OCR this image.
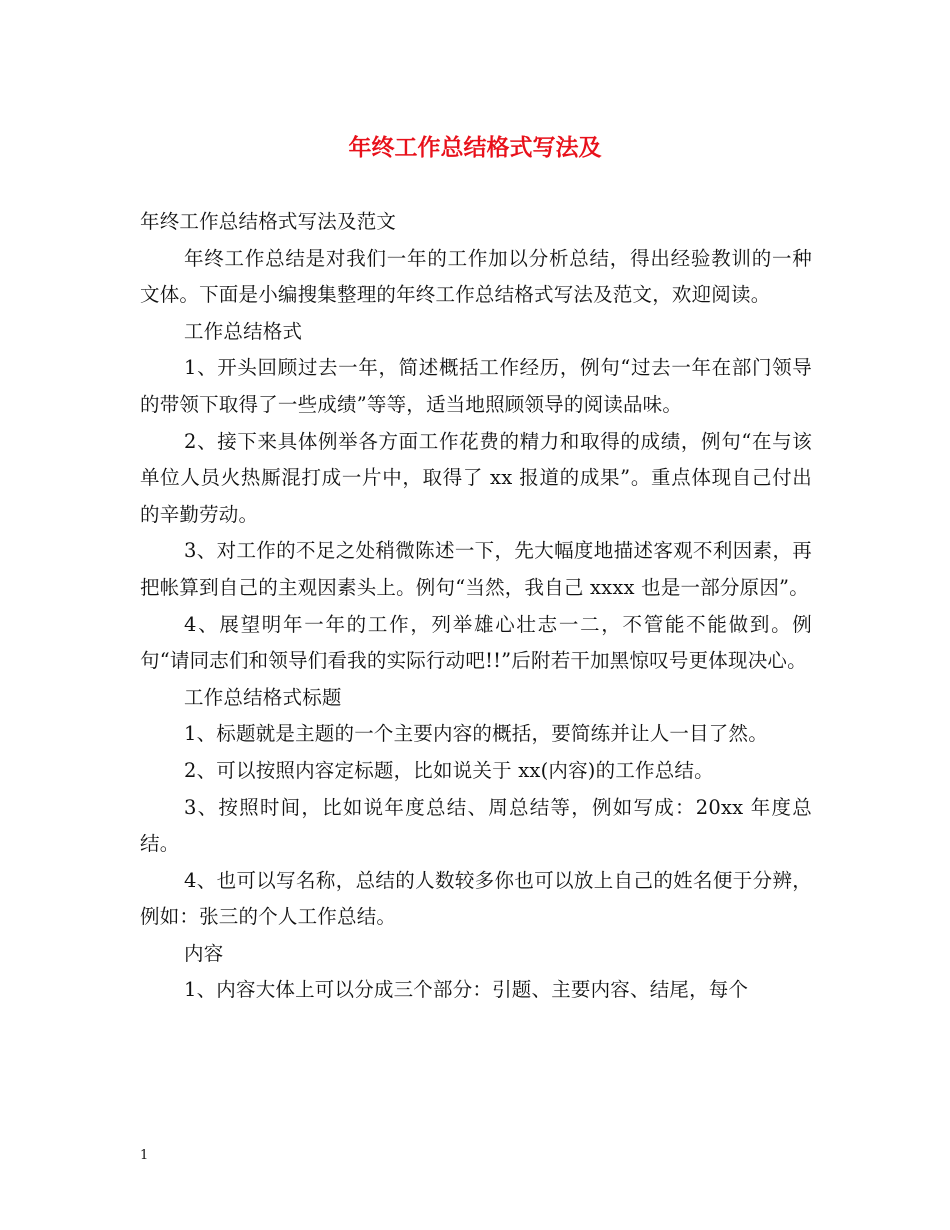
年终工作总结格式写法及

年终工作总结格式写法及范文

年终工作总结是对我们一年的工作加以分析总结，得出经验教训的一种文体。下面是小编搜集整理的年终工作总结格式写法及范文，欢迎阅读。

工作总结格式

1、开头回顾过去一年，简述概括工作经历，例句“过去一年在部门领导的带领下取得了一些成绩”等等，适当地照顾领导的阅读品味。

2、接下来具体例举各方面工作花费的精力和取得的成绩，例句“在与该单位人员火热厮混打成一片中，取得了 xx 报道的成果”。重点体现自己付出的辛勤劳动。

3、对工作的不足之处稍微陈述一下，先大幅度地描述客观不利因素，再把帐算到自己的主观因素头上。例句“当然，我自己 xxxx 也是一部分原因”。

4、展望明年一年的工作，列举雄心壮志一二，不管能不能做到。例句“请同志们和领导们看我的实际行动吧!!”后附若干加黑惊叹号更体现决心。

工作总结格式标题

1、标题就是主题的一个主要内容的概括，要简练并让人一目了然。

2、可以按照内容定标题，比如说关于 xx(内容)的工作总结。

3、按照时间，比如说年度总结、周总结等，例如写成：20xx 年度总结。

4、也可以写名称，总结的人数较多你也可以放上自己的姓名便于分辨，例如：张三的个人工作总结。

内容

1、内容大体上可以分成三个部分：引题、主要内容、结尾，每个

1
